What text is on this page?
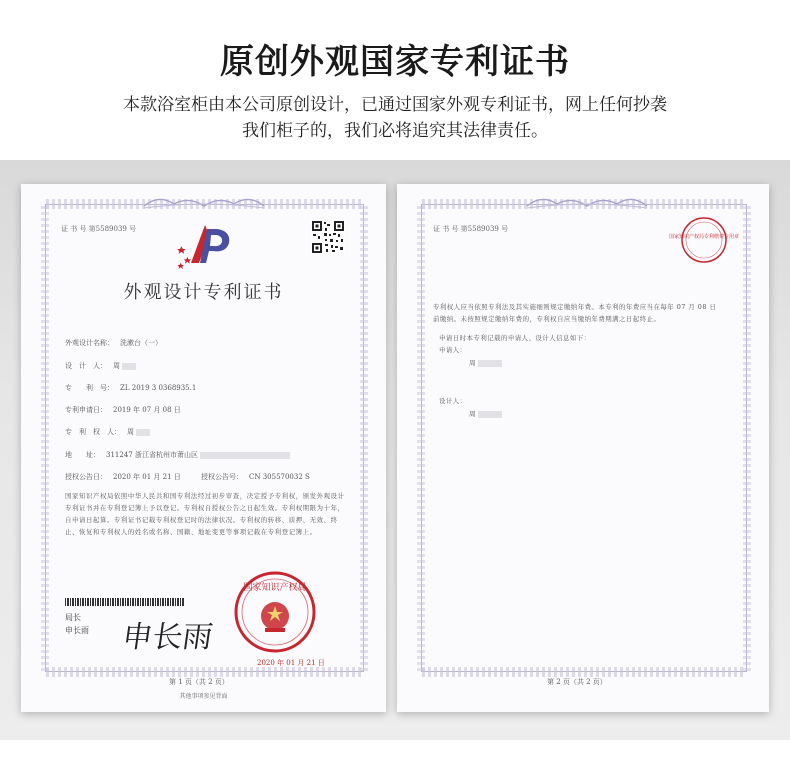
原创外观国家专利证书
本款浴室柜由本公司原创设计，已通过国家外观专利证书，网上任何抄袭
我们柜子的，我们必将追究其法律责任。
证 书 号 第5589039 号
外观设计专利证书
外观设计名称： 洗漱台（一）
设　计　人： 周
专　　利　号： ZL 2019 3 0368935.1
专利申请日： 2019 年 07 月 08 日
专　利　权　人： 周
地　　址： 311247 浙江省杭州市萧山区
授权公告日： 2020 年 01 月 21 日	授权公告号： CN 305570032 S
国家知识产权局依照中华人民共和国专利法经过初步审查，决定授予专利权，颁发外观设计专利证书并在专利登记簿上予以登记。专利权自授权公告之日起生效。专利权期限为十年，自申请日起算。专利证书记载专利权登记时的法律状况。专利权的转移、质押、无效、终止、恢复和专利权人的姓名或名称、国籍、地址变更等事项记载在专利登记簿上。
局长
申长雨 申长雨
国家知识产权局
2020 年 01 月 21 日
第 1 页（共 2 页）
其他事项参见背面
证 书 号 第5589039 号
国家知识产权局专利缴费专用章
专利权人应当依照专利法及其实施细则规定缴纳年费。本专利的年费应当在每年 07 月 08 日
前缴纳。未按照规定缴纳年费的，专利权自应当缴纳年费期满之日起终止。
申请日时本专利记载的申请人、设计人信息如下：
申请人：
周
设计人：
周
第 2 页（共 2 页）
